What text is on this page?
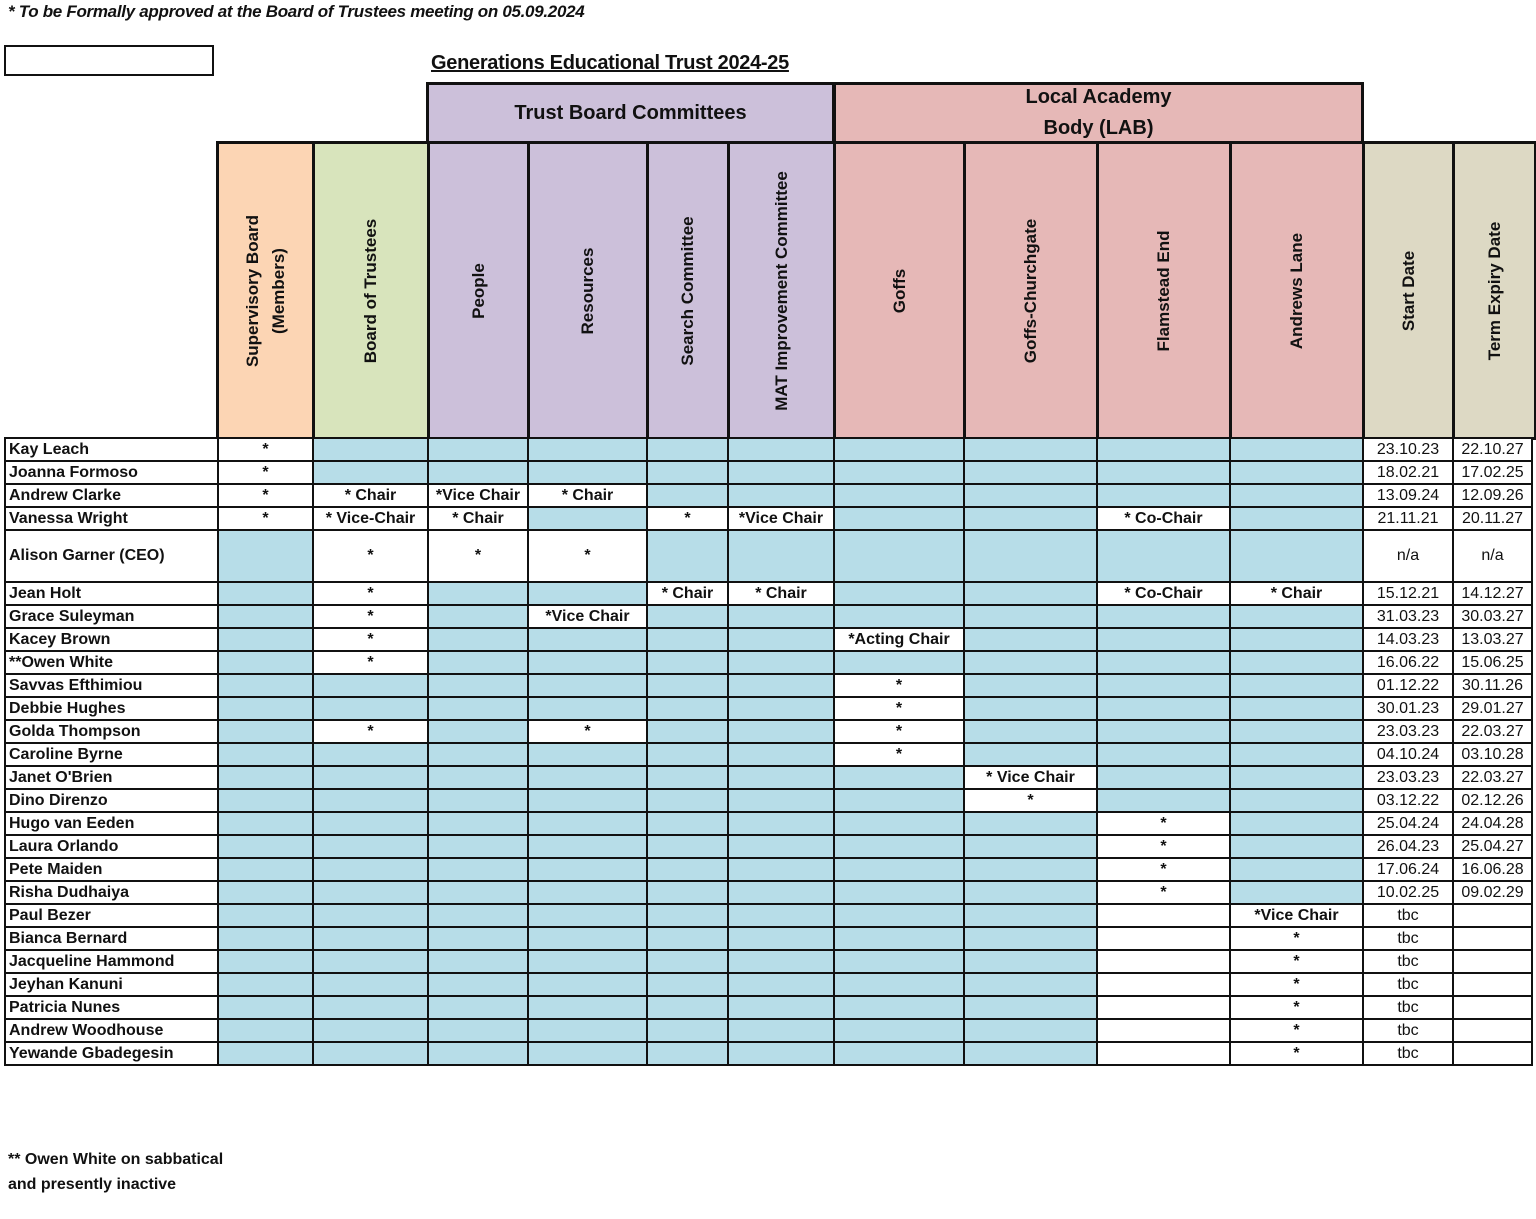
* To be Formally approved at the Board of Trustees meeting on 05.09.2024
Generations Educational Trust 2024-25
Trust Board Committees
Local Academy
Body (LAB)
Supervisory Board (Members)	Board of Trustees	People	Resources	Search Committee	MAT Improvement Committee	Goffs	Goffs-Churchgate	Flamstead End	Andrews Lane	Start Date	Term Expiry Date
Kay Leach	*										23.10.23	22.10.27
Joanna Formoso	*										18.02.21	17.02.25
Andrew Clarke	*	* Chair	*Vice Chair	* Chair							13.09.24	12.09.26
Vanessa Wright	*	* Vice-Chair	* Chair		*	*Vice Chair			* Co-Chair		21.11.21	20.11.27
Alison Garner (CEO)		*	*	*							n/a	n/a
Jean Holt		*			* Chair	* Chair			* Co-Chair	* Chair	15.12.21	14.12.27
Grace Suleyman		*		*Vice Chair							31.03.23	30.03.27
Kacey Brown		*					*Acting Chair				14.03.23	13.03.27
**Owen White		*									16.06.22	15.06.25
Savvas Efthimiou							*				01.12.22	30.11.26
Debbie Hughes							*				30.01.23	29.01.27
Golda Thompson		*		*			*				23.03.23	22.03.27
Caroline Byrne							*				04.10.24	03.10.28
Janet O'Brien								* Vice Chair			23.03.23	22.03.27
Dino Direnzo								*			03.12.22	02.12.26
Hugo van Eeden									*		25.04.24	24.04.28
Laura Orlando									*		26.04.23	25.04.27
Pete Maiden									*		17.06.24	16.06.28
Risha Dudhaiya									*		10.02.25	09.02.29
Paul Bezer										*Vice Chair	tbc	
Bianca Bernard										*	tbc	
Jacqueline Hammond										*	tbc	
Jeyhan Kanuni										*	tbc	
Patricia Nunes										*	tbc	
Andrew Woodhouse										*	tbc	
Yewande Gbadegesin										*	tbc	
** Owen White on sabbatical and presently inactive
